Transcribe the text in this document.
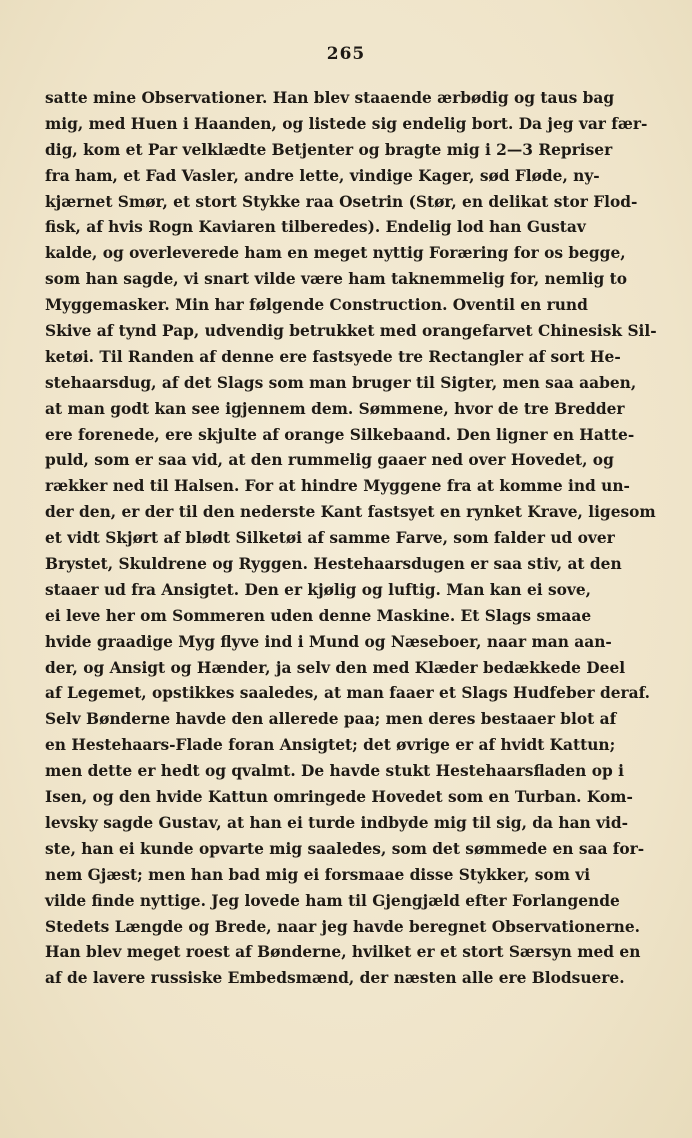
265
satte mine Observationer. Han blev staaende ærbødig og taus bag
mig, med Huen i Haanden, og listede sig endelig bort. Da jeg var fær-
dig, kom et Par velklædte Betjenter og bragte mig i 2—3 Repriser
fra ham, et Fad Vasler, andre lette, vindige Kager, sød Fløde, ny-
kjærnet Smør, et stort Stykke raa Osetrin (Stør, en delikat stor Flod-
fisk, af hvis Rogn Kaviaren tilberedes). Endelig lod han Gustav
kalde, og overleverede ham en meget nyttig Foræring for os begge,
som han sagde, vi snart vilde være ham taknemmelig for, nemlig to
Myggemasker. Min har følgende Construction. Oventil en rund
Skive af tynd Pap, udvendig betrukket med orangefarvet Chinesisk Sil-
ketøi. Til Randen af denne ere fastsyede tre Rectangler af sort He-
stehaarsdug, af det Slags som man bruger til Sigter, men saa aaben,
at man godt kan see igjennem dem. Sømmene, hvor de tre Bredder
ere forenede, ere skjulte af orange Silkebaand. Den ligner en Hatte-
puld, som er saa vid, at den rummelig gaaer ned over Hovedet, og
rækker ned til Halsen. For at hindre Myggene fra at komme ind un-
der den, er der til den nederste Kant fastsyet en rynket Krave, ligesom
et vidt Skjørt af blødt Silketøi af samme Farve, som falder ud over
Brystet, Skuldrene og Ryggen. Hestehaarsdugen er saa stiv, at den
staaer ud fra Ansigtet. Den er kjølig og luftig. Man kan ei sove,
ei leve her om Sommeren uden denne Maskine. Et Slags smaae
hvide graadige Myg flyve ind i Mund og Næseboer, naar man aan-
der, og Ansigt og Hænder, ja selv den med Klæder bedækkede Deel
af Legemet, opstikkes saaledes, at man faaer et Slags Hudfeber deraf.
Selv Bønderne havde den allerede paa; men deres bestaaer blot af
en Hestehaars-Flade foran Ansigtet; det øvrige er af hvidt Kattun;
men dette er hedt og qvalmt. De havde stukt Hestehaarsfladen op i
Isen, og den hvide Kattun omringede Hovedet som en Turban. Kom-
levsky sagde Gustav, at han ei turde indbyde mig til sig, da han vid-
ste, han ei kunde opvarte mig saaledes, som det sømmede en saa for-
nem Gjæst; men han bad mig ei forsmaae disse Stykker, som vi
vilde finde nyttige. Jeg lovede ham til Gjengjæld efter Forlangende
Stedets Længde og Brede, naar jeg havde beregnet Observationerne.
Han blev meget roest af Bønderne, hvilket er et stort Særsyn med en
af de lavere russiske Embedsmænd, der næsten alle ere Blodsuere.
